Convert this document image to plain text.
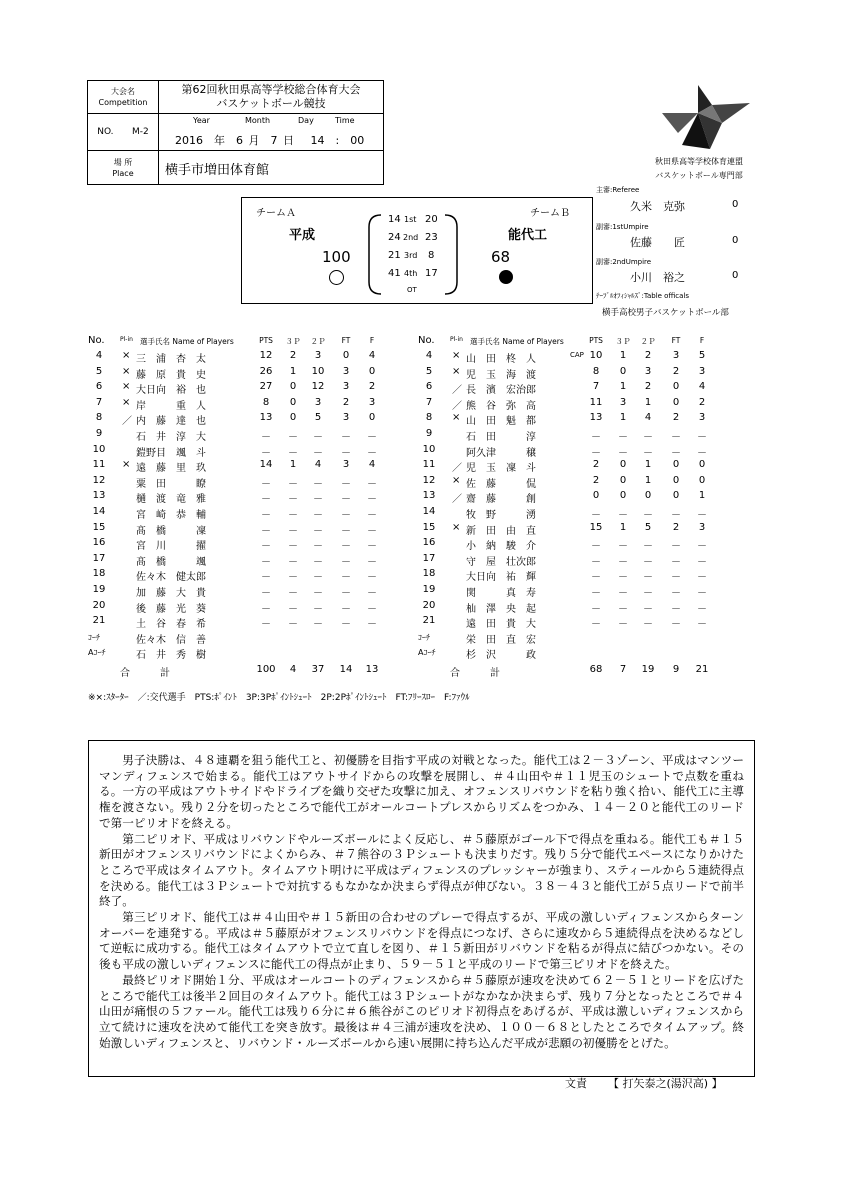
大会名
Competition
第62回秋田県高等学校総合体育大会
バスケットボール競技
NO. M-2
Year	Month	Day	Time
2016 年 6 月 7 日 14 : 00
場 所
Place	横手市増田体育館
秋田県高等学校体育連盟
バスケットボール専門部
主審:Referee
久米　克弥	0
副審:1stUmpire
佐藤　　匠	0
副審:2ndUmpire
小川　裕之	0
ﾃｰﾌﾞﾙｵﾌｨｼｬﾙｽﾞ:Table officals
横手高校男子バスケットボール部
チームＡ	チームＢ
平成	能代工
100	68
14 1st 20
24 2nd 23
21 3rd 8
41 4th 17
OT
No.	Pl-in 選手氏名 Name of Players	PTS	３Ｐ	２Ｐ	FT	F
4	× 三　浦　杏　太	12	2	3	0	4
5	× 藤　原　貴　史	26	1	10	3	0
6	× 大日向　裕　也	27	0	12	3	2
7	× 岸　　　重　人	8	0	3	2	3
8	／ 内　藤　達　也	13	0	5	3	0
9	石　井　淳　大	－	－	－	－	－
10	鎧野目　颯　斗	－	－	－	－	－
11	× 遠　藤　里　玖	14	1	4	3	4
12	粟　田　　　瞭	－	－	－	－	－
13	樋　渡　竜　雅	－	－	－	－	－
14	宮　崎　恭　輔	－	－	－	－	－
15	髙　橋　　　凜	－	－	－	－	－
16	宮　川　　　擢	－	－	－	－	－
17	髙　橋　　　颯	－	－	－	－	－
18	佐々木　健太郎	－	－	－	－	－
19	加　藤　大　貴	－	－	－	－	－
20	後　藤　光　葵	－	－	－	－	－
21	土　谷　春　希	－	－	－	－	－
ｺｰﾁ	佐々木　信　善
Aｺｰﾁ	石　井　秀　樹
合　　　計	100	4	37	14 13
No.	Pl-in 選手氏名 Name of Players	PTS	３Ｐ	２Ｐ	FT	F
4	× 山　田　柊　人	CAP 10	1	2	3	5
5	× 児　玉　海　渡	8	0	3	2	3
6	／ 長　濱　宏治郎	7	1	2	0	4
7	／ 熊　谷　弥　高	11	3	1	0	2
8	× 山　田　魁　都	13	1	4	2	3
9	石　田　　　淳	－	－	－	－	－
10	阿久津　　　穣	－	－	－	－	－
11	／ 児　玉　凜　斗	2	0	1	0	0
12	× 佐　藤　　　侃	2	0	1	0	0
13	／ 齋　藤　　　創	0	0	0	0	1
14	牧　野　　　湧	－	－	－	－	－
15	× 新　田　由　直	15	1	5	2	3
16	小　納　駿　介	－	－	－	－	－
17	守　屋　壮次郎	－	－	－	－	－
18	大日向　祐　輝	－	－	－	－	－
19	関　　　真　寿	－	－	－	－	－
20	杣　澤　央　起	－	－	－	－	－
21	遠　田　貴　大	－	－	－	－	－
ｺｰﾁ	栄　田　直　宏
Aｺｰﾁ	杉　沢　　　政
合　　　計	68	7	19	9	21
※×:ｽﾀｰﾀｰ　／:交代選手　PTS:ﾎﾟｲﾝﾄ　3P:3Pﾎﾟｲﾝﾄｼｭｰﾄ　2P:2Pﾎﾟｲﾝﾄｼｭｰﾄ　FT:ﾌﾘｰｽﾛｰ　F:ﾌｧｳﾙ

男子決勝は、４８連覇を狙う能代工と、初優勝を目指す平成の対戦となった。能代工は２－３ゾーン、平成はマンツーマンディフェンスで始まる。能代工はアウトサイドからの攻撃を展開し、＃４山田や＃１１児玉のシュートで点数を重ねる。一方の平成はアウトサイドやドライブを織り交ぜた攻撃に加え、オフェンスリバウンドを粘り強く拾い、能代工に主導権を渡さない。残り２分を切ったところで能代工がオールコートプレスからリズムをつかみ、１４－２０と能代工のリードで第一ピリオドを終える。

第二ピリオド、平成はリバウンドやルーズボールによく反応し、＃５藤原がゴール下で得点を重ねる。能代工も＃１５新田がオフェンスリバウンドによくからみ、＃７熊谷の３Ｐシュートも決まりだす。残り５分で能代エペースになりかけたところで平成はタイムアウト。タイムアウト明けに平成はディフェンスのプレッシャーが強まり、スティールから５連続得点を決める。能代工は３Ｐシュートで対抗するもなかなか決まらず得点が伸びない。３８－４３と能代工が５点リードで前半終了。

第三ピリオド、能代工は＃４山田や＃１５新田の合わせのプレーで得点するが、平成の激しいディフェンスからターンオーバーを連発する。平成は＃５藤原がオフェンスリバウンドを得点につなげ、さらに速攻から５連続得点を決めるなどして逆転に成功する。能代工はタイムアウトで立て直しを図り、＃１５新田がリバウンドを粘るが得点に結びつかない。その後も平成の激しいディフェンスに能代工の得点が止まり、５９－５１と平成のリードで第三ピリオドを終えた。

最終ピリオド開始１分、平成はオールコートのディフェンスから＃５藤原が速攻を決めて６２－５１とリードを広げたところで能代工は後半２回目のタイムアウト。能代工は３Ｐシュートがなかなか決まらず、残り７分となったところで＃４山田が痛恨の５ファール。能代工は残り６分に＃６熊谷がこのピリオド初得点をあげるが、平成は激しいディフェンスから立て続けに速攻を決めて能代工を突き放す。最後は＃４三浦が速攻を決め、１００－６８としたところでタイムアップ。終始激しいディフェンスと、リバウンド・ルーズボールから速い展開に持ち込んだ平成が悲願の初優勝をとげた。

文責 【 打矢泰之(湯沢高) 】
